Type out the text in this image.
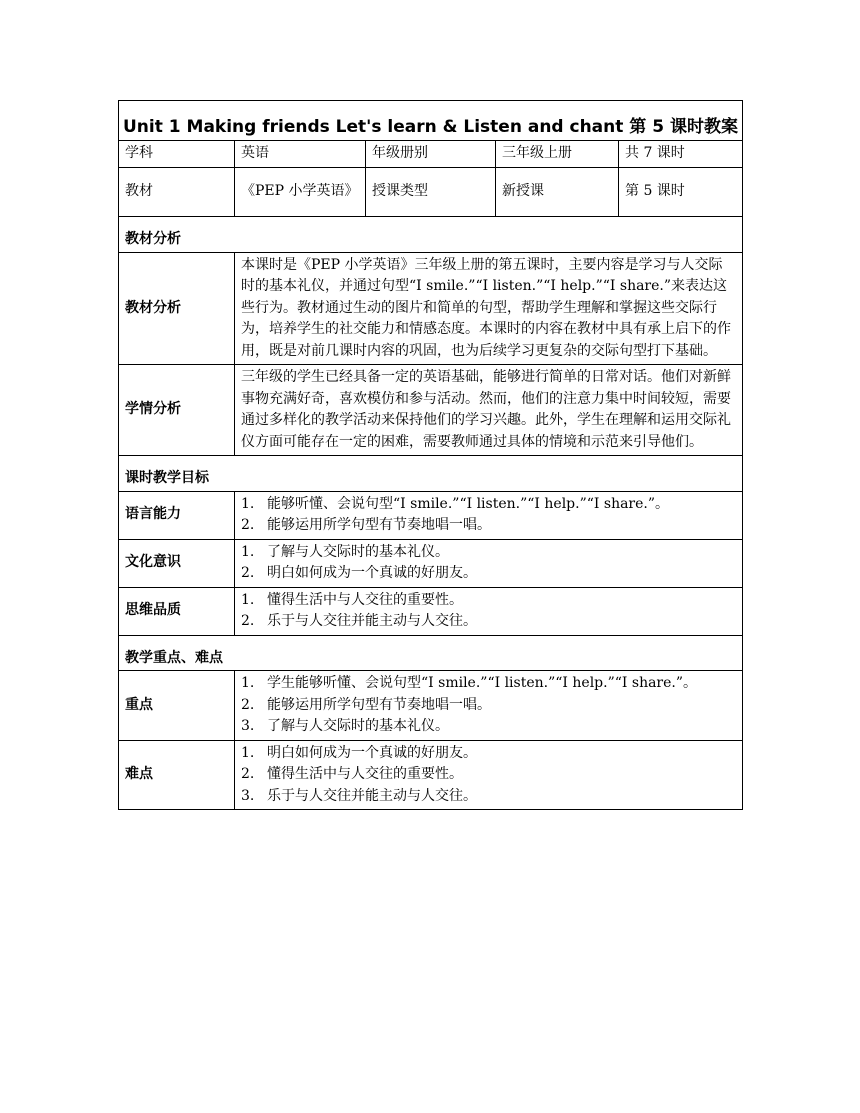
Unit 1 Making friends Let's learn & Listen and chant 第 5 课时教案				
学科	英语	年级册别	三年级上册	共 7 课时
教材	《PEP 小学英语》	授课类型	新授课	第 5 课时
教材分析				
教材分析	本课时是《PEP 小学英语》三年级上册的第五课时，主要内容是学习与人交际时的基本礼仪，并通过句型“I smile.”“I listen.”“I help.”“I share.”来表达这些行为。教材通过生动的图片和简单的句型，帮助学生理解和掌握这些交际行为，培养学生的社交能力和情感态度。本课时的内容在教材中具有承上启下的作用，既是对前几课时内容的巩固，也为后续学习更复杂的交际句型打下基础。			
学情分析	三年级的学生已经具备一定的英语基础，能够进行简单的日常对话。他们对新鲜事物充满好奇，喜欢模仿和参与活动。然而，他们的注意力集中时间较短，需要通过多样化的教学活动来保持他们的学习兴趣。此外，学生在理解和运用交际礼仪方面可能存在一定的困难，需要教师通过具体的情境和示范来引导他们。			
课时教学目标				
语言能力	1. 能够听懂、会说句型“I smile.”“I listen.”“I help.”“I share.”。

2. 能够运用所学句型有节奏地唱一唱。			

文化意识	1. 了解与人交际时的基本礼仪。

2. 明白如何成为一个真诚的好朋友。			

思维品质	1. 懂得生活中与人交往的重要性。

2. 乐于与人交往并能主动与人交往。			

教学重点、难点				
重点	1. 学生能够听懂、会说句型“I smile.”“I listen.”“I help.”“I share.”。

2. 能够运用所学句型有节奏地唱一唱。

3. 了解与人交际时的基本礼仪。			

难点	1. 明白如何成为一个真诚的好朋友。

2. 懂得生活中与人交往的重要性。

3. 乐于与人交往并能主动与人交往。			
